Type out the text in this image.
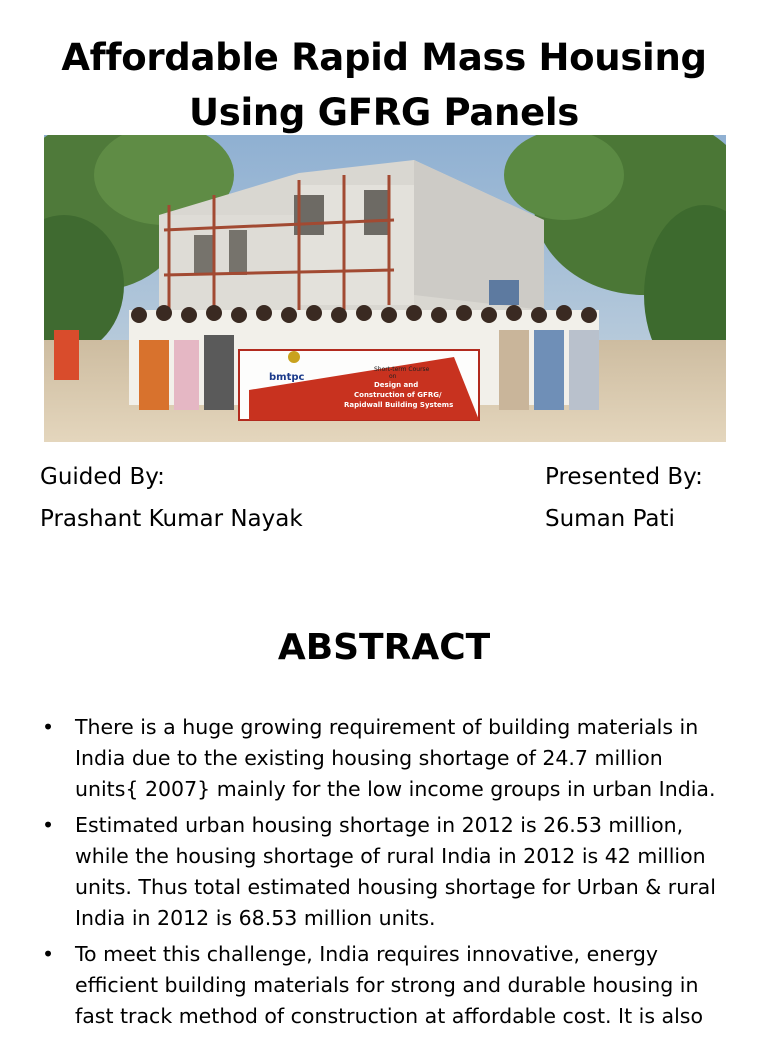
Affordable Rapid Mass Housing
Using GFRG Panels
bmtpc
Short-term Course
on
Design and
Construction of GFRG/
Rapidwall Building Systems
Guided By:
Prashant Kumar Nayak
Presented By:
Suman Pati
ABSTRACT
• There is a huge growing requirement of building materials in India due to the existing housing shortage of 24.7 million units{ 2007} mainly for the low income groups in urban India.
• Estimated urban housing shortage in 2012 is 26.53 million, while the housing shortage of rural India in 2012 is 42 million units. Thus total estimated housing shortage for Urban & rural India in 2012 is 68.53 million units.
• To meet this challenge, India requires innovative, energy efficient building materials for strong and durable housing in fast track method of construction at affordable cost. It is also
